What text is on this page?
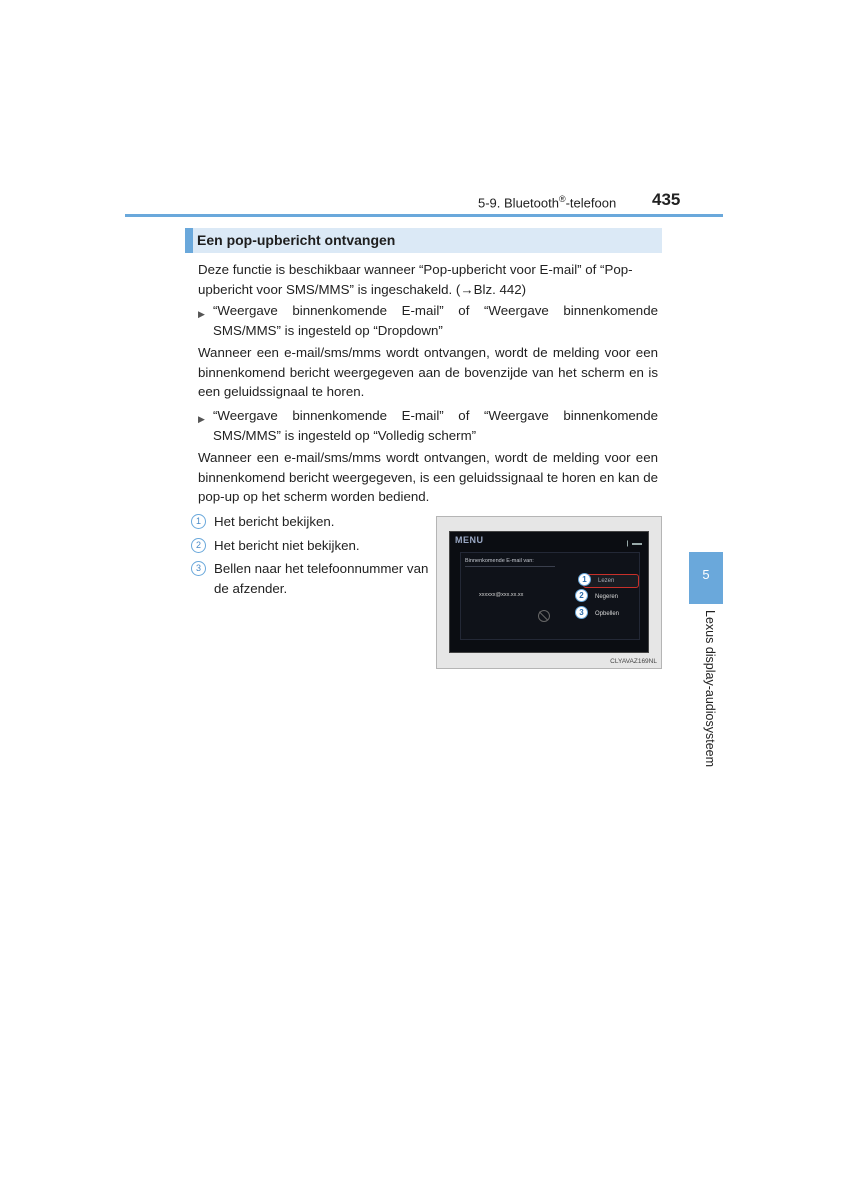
5-9. Bluetooth®-telefoon 435
Een pop-upbericht ontvangen
Deze functie is beschikbaar wanneer “Pop-upbericht voor E-mail” of “Pop-upbericht voor SMS/MMS” is ingeschakeld. (→Blz. 442)
▶ “Weergave binnenkomende E-mail” of “Weergave binnenkomende SMS/MMS” is ingesteld op “Dropdown”
Wanneer een e-mail/sms/mms wordt ontvangen, wordt de melding voor een binnenkomend bericht weergegeven aan de bovenzijde van het scherm en is een geluidssignaal te horen.
▶ “Weergave binnenkomende E-mail” of “Weergave binnenkomende SMS/MMS” is ingesteld op “Volledig scherm”
Wanneer een e-mail/sms/mms wordt ontvangen, wordt de melding voor een binnenkomend bericht weergegeven, is een geluidssignaal te horen en kan de pop-up op het scherm worden bediend.
1 Het bericht bekijken.
2 Het bericht niet bekijken.
3 Bellen naar het telefoonnummer van de afzender.
MENU	❙
Binnenkomende E-mail van:
xxxxxx@xxx.xx.xx
1	Lezen
2	Negeren
3	Opbellen
CLYAVAZ169NL
5
Lexus display-audiosysteem
